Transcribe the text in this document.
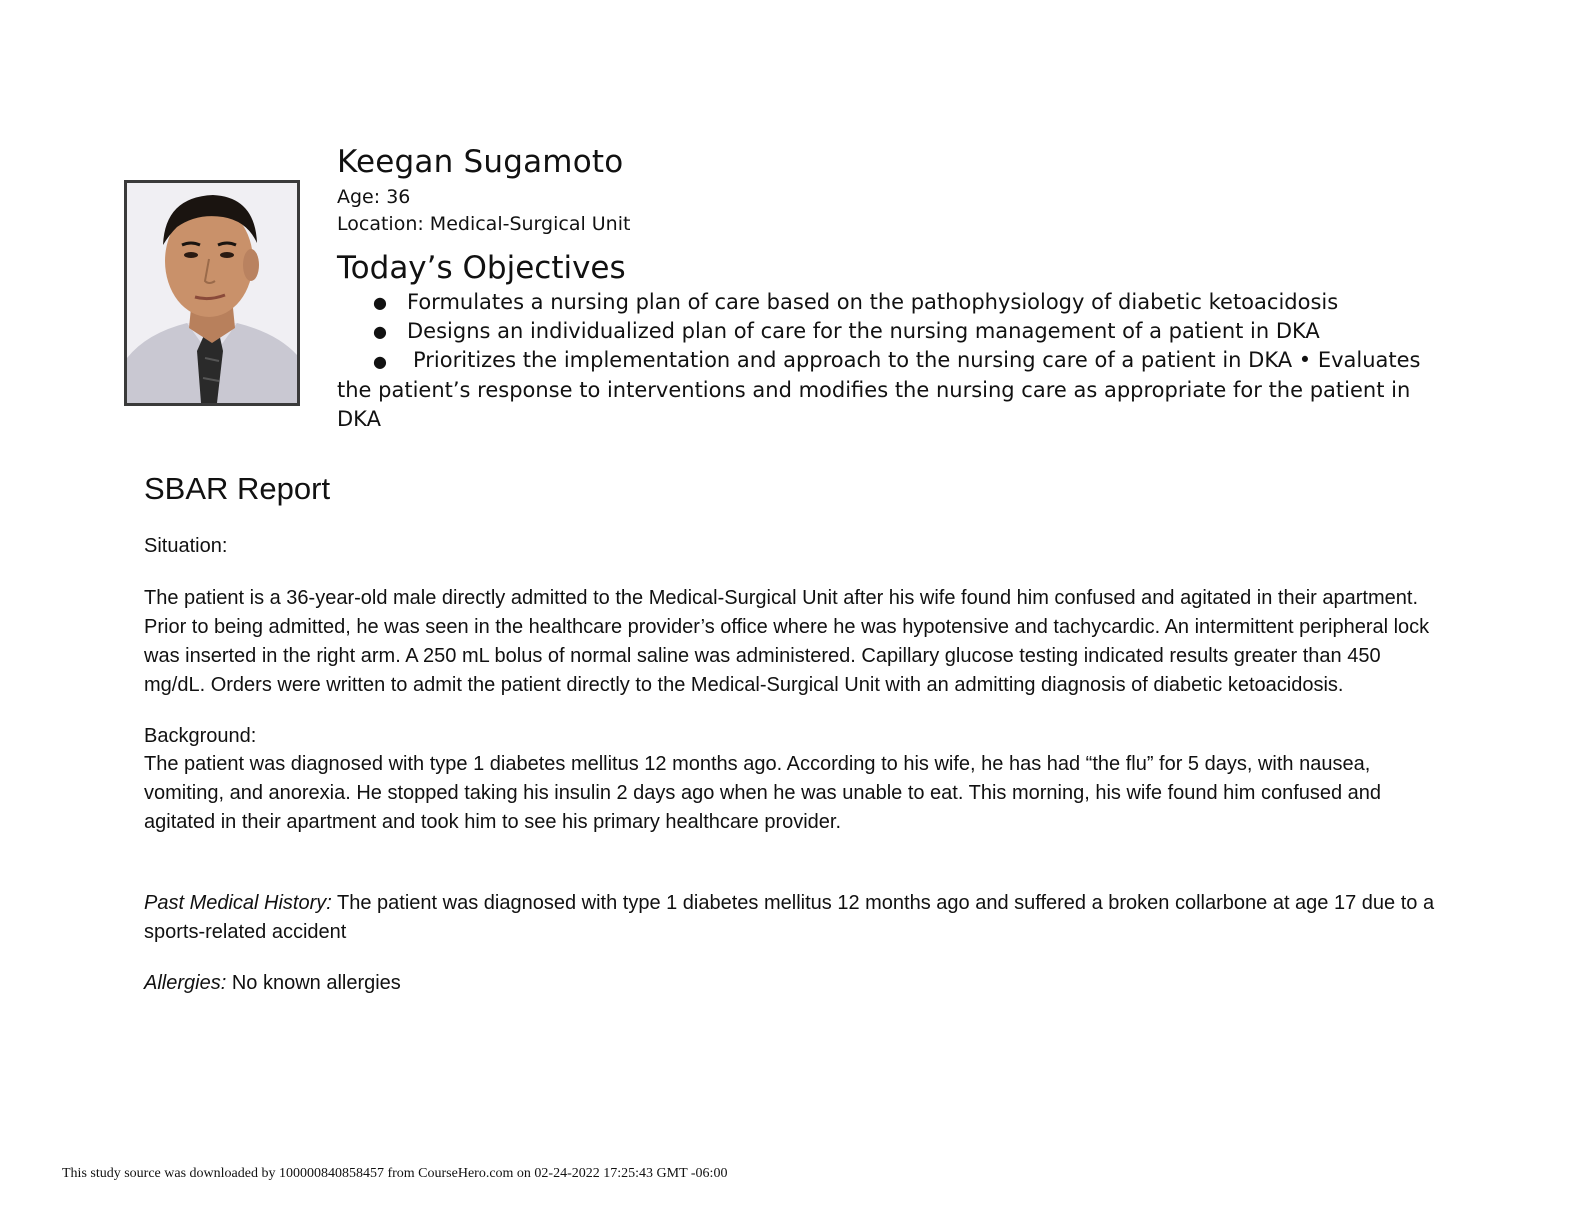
Keegan Sugamoto

Age: 36

Location: Medical-Surgical Unit

Today’s Objectives
● Formulates a nursing plan of care based on the pathophysiology of diabetic ketoacidosis
● Designs an individualized plan of care for the nursing management of a patient in DKA
● Prioritizes the implementation and approach to the nursing care of a patient in DKA • Evaluates the patient’s response to interventions and modifies the nursing care as appropriate for the patient in DKA
SBAR Report

Situation:

The patient is a 36-year-old male directly admitted to the Medical-Surgical Unit after his wife found him confused and agitated in their apartment. Prior to being admitted, he was seen in the healthcare provider’s office where he was hypotensive and tachycardic. An intermittent peripheral lock was inserted in the right arm. A 250 mL bolus of normal saline was administered. Capillary glucose testing indicated results greater than 450 mg/dL. Orders were written to admit the patient directly to the Medical-Surgical Unit with an admitting diagnosis of diabetic ketoacidosis.

Background:

The patient was diagnosed with type 1 diabetes mellitus 12 months ago. According to his wife, he has had “the flu” for 5 days, with nausea, vomiting, and anorexia. He stopped taking his insulin 2 days ago when he was unable to eat. This morning, his wife found him confused and agitated in their apartment and took him to see his primary healthcare provider.

Past Medical History: The patient was diagnosed with type 1 diabetes mellitus 12 months ago and suffered a broken collarbone at age 17 due to a sports-related accident

Allergies: No known allergies

This study source was downloaded by 100000840858457 from CourseHero.com on 02-24-2022 17:25:43 GMT -06:00
